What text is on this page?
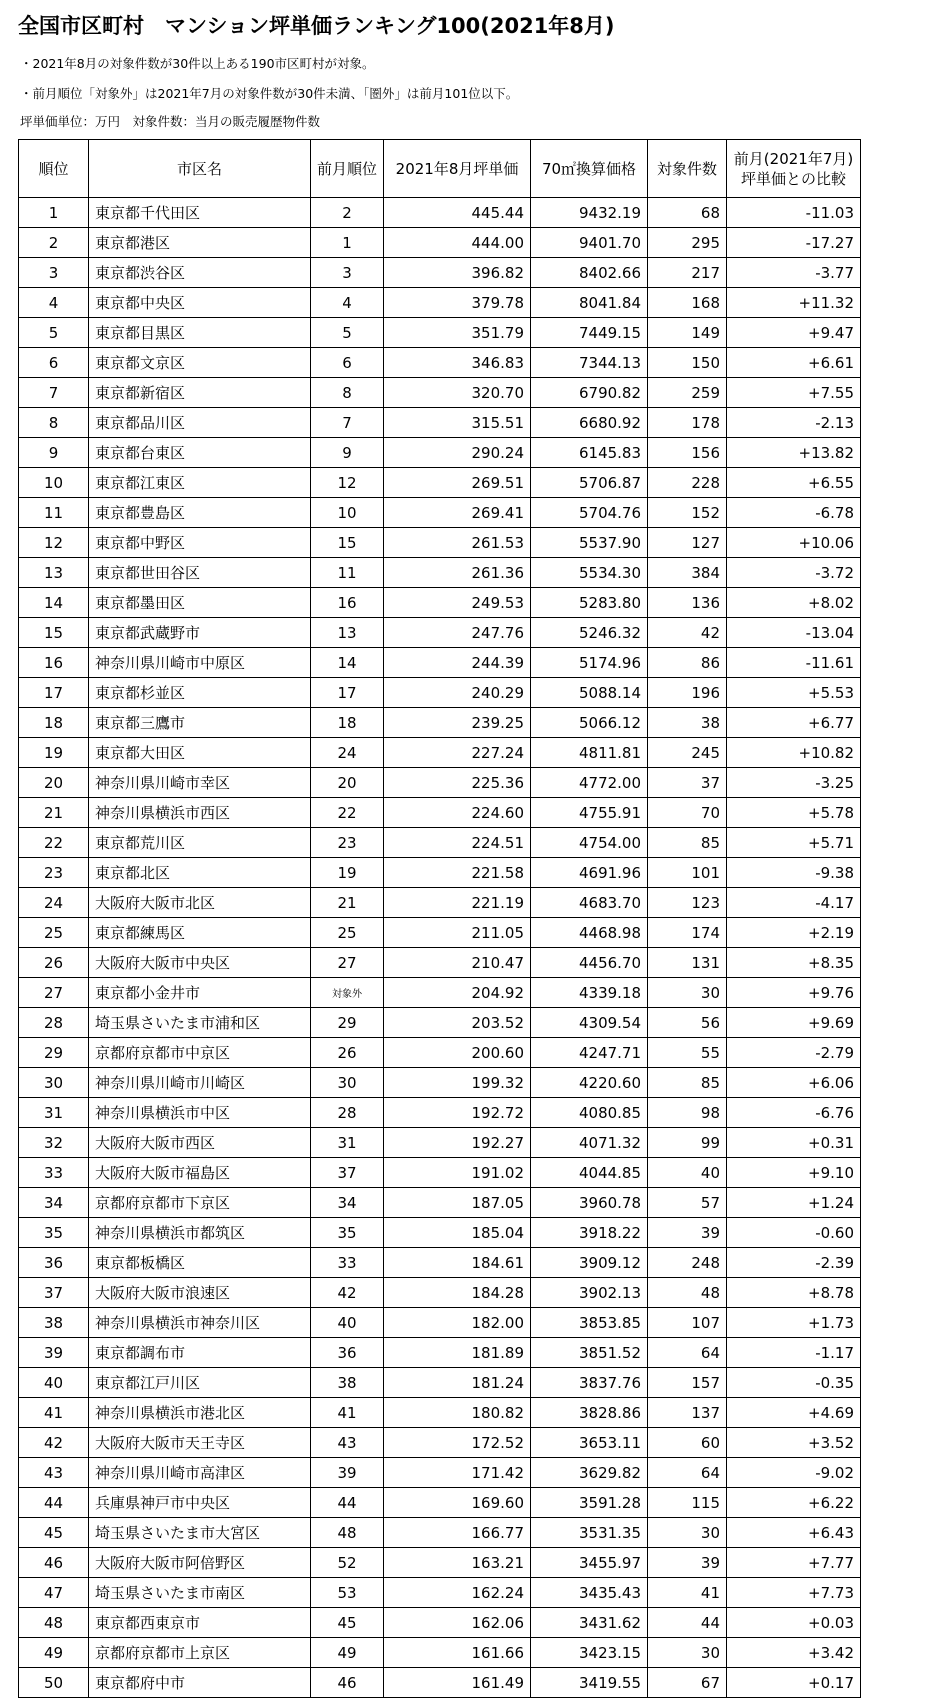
全国市区町村　マンション坪単価ランキング100(2021年8月)
・2021年8月の対象件数が30件以上ある190市区町村が対象。
・前月順位「対象外」は2021年7月の対象件数が30件未満、「圏外」は前月101位以下。
坪単価単位：万円　対象件数：当月の販売履歴物件数
順位	市区名	前月順位	2021年8月坪単価	70㎡換算価格	対象件数	前月(2021年7月)
坪単価との比較

1	東京都千代田区	2	445.44	9432.19	68	-11.03
2	東京都港区	1	444.00	9401.70	295	-17.27
3	東京都渋谷区	3	396.82	8402.66	217	-3.77
4	東京都中央区	4	379.78	8041.84	168	+11.32
5	東京都目黒区	5	351.79	7449.15	149	+9.47
6	東京都文京区	6	346.83	7344.13	150	+6.61
7	東京都新宿区	8	320.70	6790.82	259	+7.55
8	東京都品川区	7	315.51	6680.92	178	-2.13
9	東京都台東区	9	290.24	6145.83	156	+13.82
10	東京都江東区	12	269.51	5706.87	228	+6.55
11	東京都豊島区	10	269.41	5704.76	152	-6.78
12	東京都中野区	15	261.53	5537.90	127	+10.06
13	東京都世田谷区	11	261.36	5534.30	384	-3.72
14	東京都墨田区	16	249.53	5283.80	136	+8.02
15	東京都武蔵野市	13	247.76	5246.32	42	-13.04
16	神奈川県川崎市中原区	14	244.39	5174.96	86	-11.61
17	東京都杉並区	17	240.29	5088.14	196	+5.53
18	東京都三鷹市	18	239.25	5066.12	38	+6.77
19	東京都大田区	24	227.24	4811.81	245	+10.82
20	神奈川県川崎市幸区	20	225.36	4772.00	37	-3.25
21	神奈川県横浜市西区	22	224.60	4755.91	70	+5.78
22	東京都荒川区	23	224.51	4754.00	85	+5.71
23	東京都北区	19	221.58	4691.96	101	-9.38
24	大阪府大阪市北区	21	221.19	4683.70	123	-4.17
25	東京都練馬区	25	211.05	4468.98	174	+2.19
26	大阪府大阪市中央区	27	210.47	4456.70	131	+8.35
27	東京都小金井市	対象外	204.92	4339.18	30	+9.76
28	埼玉県さいたま市浦和区	29	203.52	4309.54	56	+9.69
29	京都府京都市中京区	26	200.60	4247.71	55	-2.79
30	神奈川県川崎市川崎区	30	199.32	4220.60	85	+6.06
31	神奈川県横浜市中区	28	192.72	4080.85	98	-6.76
32	大阪府大阪市西区	31	192.27	4071.32	99	+0.31
33	大阪府大阪市福島区	37	191.02	4044.85	40	+9.10
34	京都府京都市下京区	34	187.05	3960.78	57	+1.24
35	神奈川県横浜市都筑区	35	185.04	3918.22	39	-0.60
36	東京都板橋区	33	184.61	3909.12	248	-2.39
37	大阪府大阪市浪速区	42	184.28	3902.13	48	+8.78
38	神奈川県横浜市神奈川区	40	182.00	3853.85	107	+1.73
39	東京都調布市	36	181.89	3851.52	64	-1.17
40	東京都江戸川区	38	181.24	3837.76	157	-0.35
41	神奈川県横浜市港北区	41	180.82	3828.86	137	+4.69
42	大阪府大阪市天王寺区	43	172.52	3653.11	60	+3.52
43	神奈川県川崎市高津区	39	171.42	3629.82	64	-9.02
44	兵庫県神戸市中央区	44	169.60	3591.28	115	+6.22
45	埼玉県さいたま市大宮区	48	166.77	3531.35	30	+6.43
46	大阪府大阪市阿倍野区	52	163.21	3455.97	39	+7.77
47	埼玉県さいたま市南区	53	162.24	3435.43	41	+7.73
48	東京都西東京市	45	162.06	3431.62	44	+0.03
49	京都府京都市上京区	49	161.66	3423.15	30	+3.42
50	東京都府中市	46	161.49	3419.55	67	+0.17
